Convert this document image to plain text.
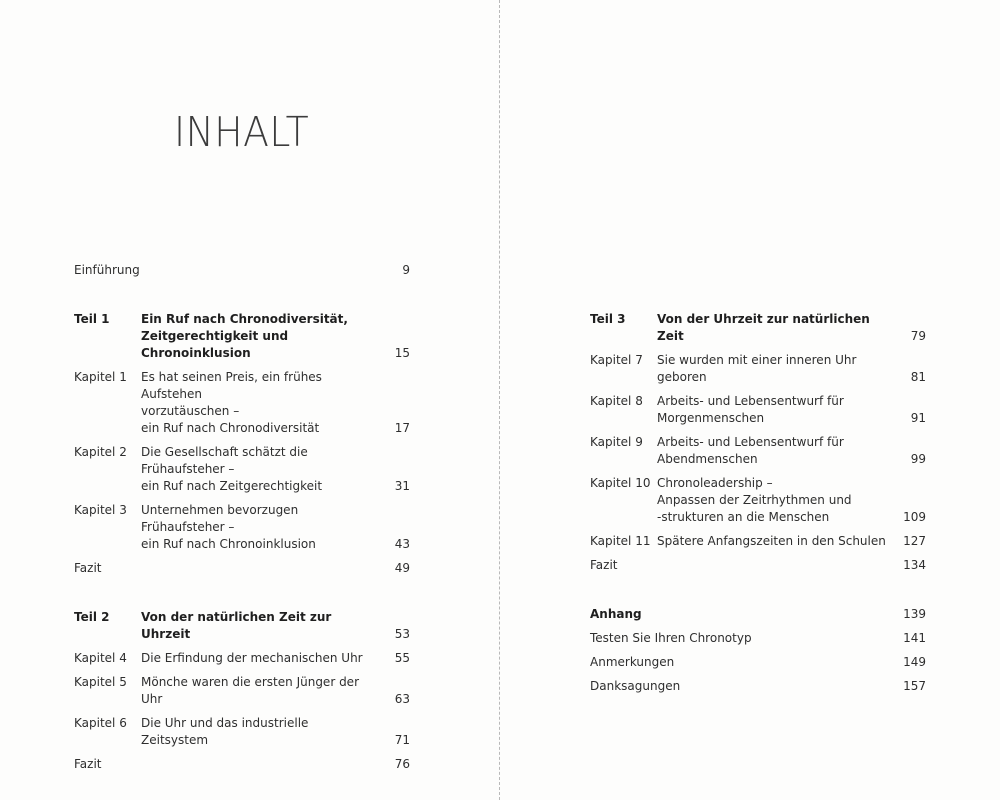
INHALT
Einführung	9
Teil 1	Ein Ruf nach Chronodiversität,
Zeitgerechtigkeit und Chronoinklusion	15
Kapitel 1 Es hat seinen Preis, ein frühes Aufstehen
vorzutäuschen –
ein Ruf nach Chronodiversität	17
Kapitel 2 Die Gesellschaft schätzt die Frühaufsteher –
ein Ruf nach Zeitgerechtigkeit	31
Kapitel 3 Unternehmen bevorzugen Frühaufsteher –
ein Ruf nach Chronoinklusion	43
Fazit	49
Teil 2	Von der natürlichen Zeit zur Uhrzeit	53
Kapitel 4 Die Erfindung der mechanischen Uhr	55
Kapitel 5 Mönche waren die ersten Jünger der Uhr	63
Kapitel 6 Die Uhr und das industrielle Zeitsystem	71
Fazit	76
Teil 3	Von der Uhrzeit zur natürlichen Zeit	79
Kapitel 7 Sie wurden mit einer inneren Uhr geboren	81
Kapitel 8 Arbeits- und Lebensentwurf für
Morgenmenschen	91
Kapitel 9 Arbeits- und Lebensentwurf für
Abendmenschen	99
Kapitel 10 Chronoleadership –
Anpassen der Zeitrhythmen und
-strukturen an die Menschen	109
Kapitel 11 Spätere Anfangszeiten in den Schulen	127
Fazit	134
Anhang	139
Testen Sie Ihren Chronotyp	141
Anmerkungen	149
Danksagungen	157
